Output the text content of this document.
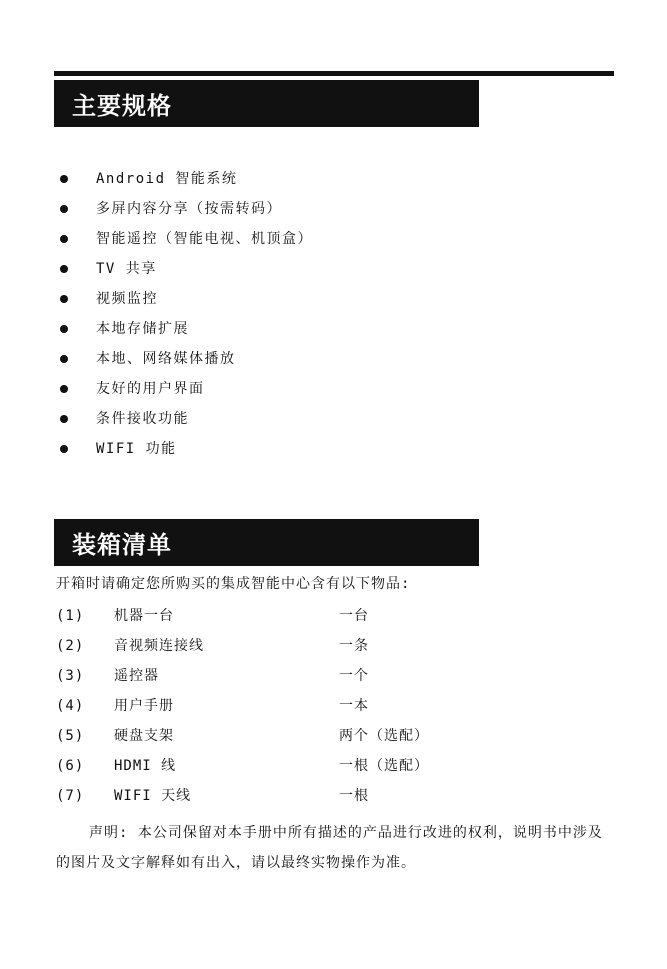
主要规格
Android 智能系统
多屏内容分享（按需转码）
智能遥控（智能电视、机顶盒）
TV 共享
视频监控
本地存储扩展
本地、网络媒体播放
友好的用户界面
条件接收功能
WIFI 功能
装箱清单
开箱时请确定您所购买的集成智能中心含有以下物品:
(1) 机器一台	一台
(2) 音视频连接线	一条
(3) 遥控器	一个
(4) 用户手册	一本
(5) 硬盘支架	两个（选配）
(6) HDMI 线	一根（选配）
(7) WIFI 天线	一根
声明: 本公司保留对本手册中所有描述的产品进行改进的权利，说明书中涉及的图片及文字解释如有出入，请以最终实物操作为准。
